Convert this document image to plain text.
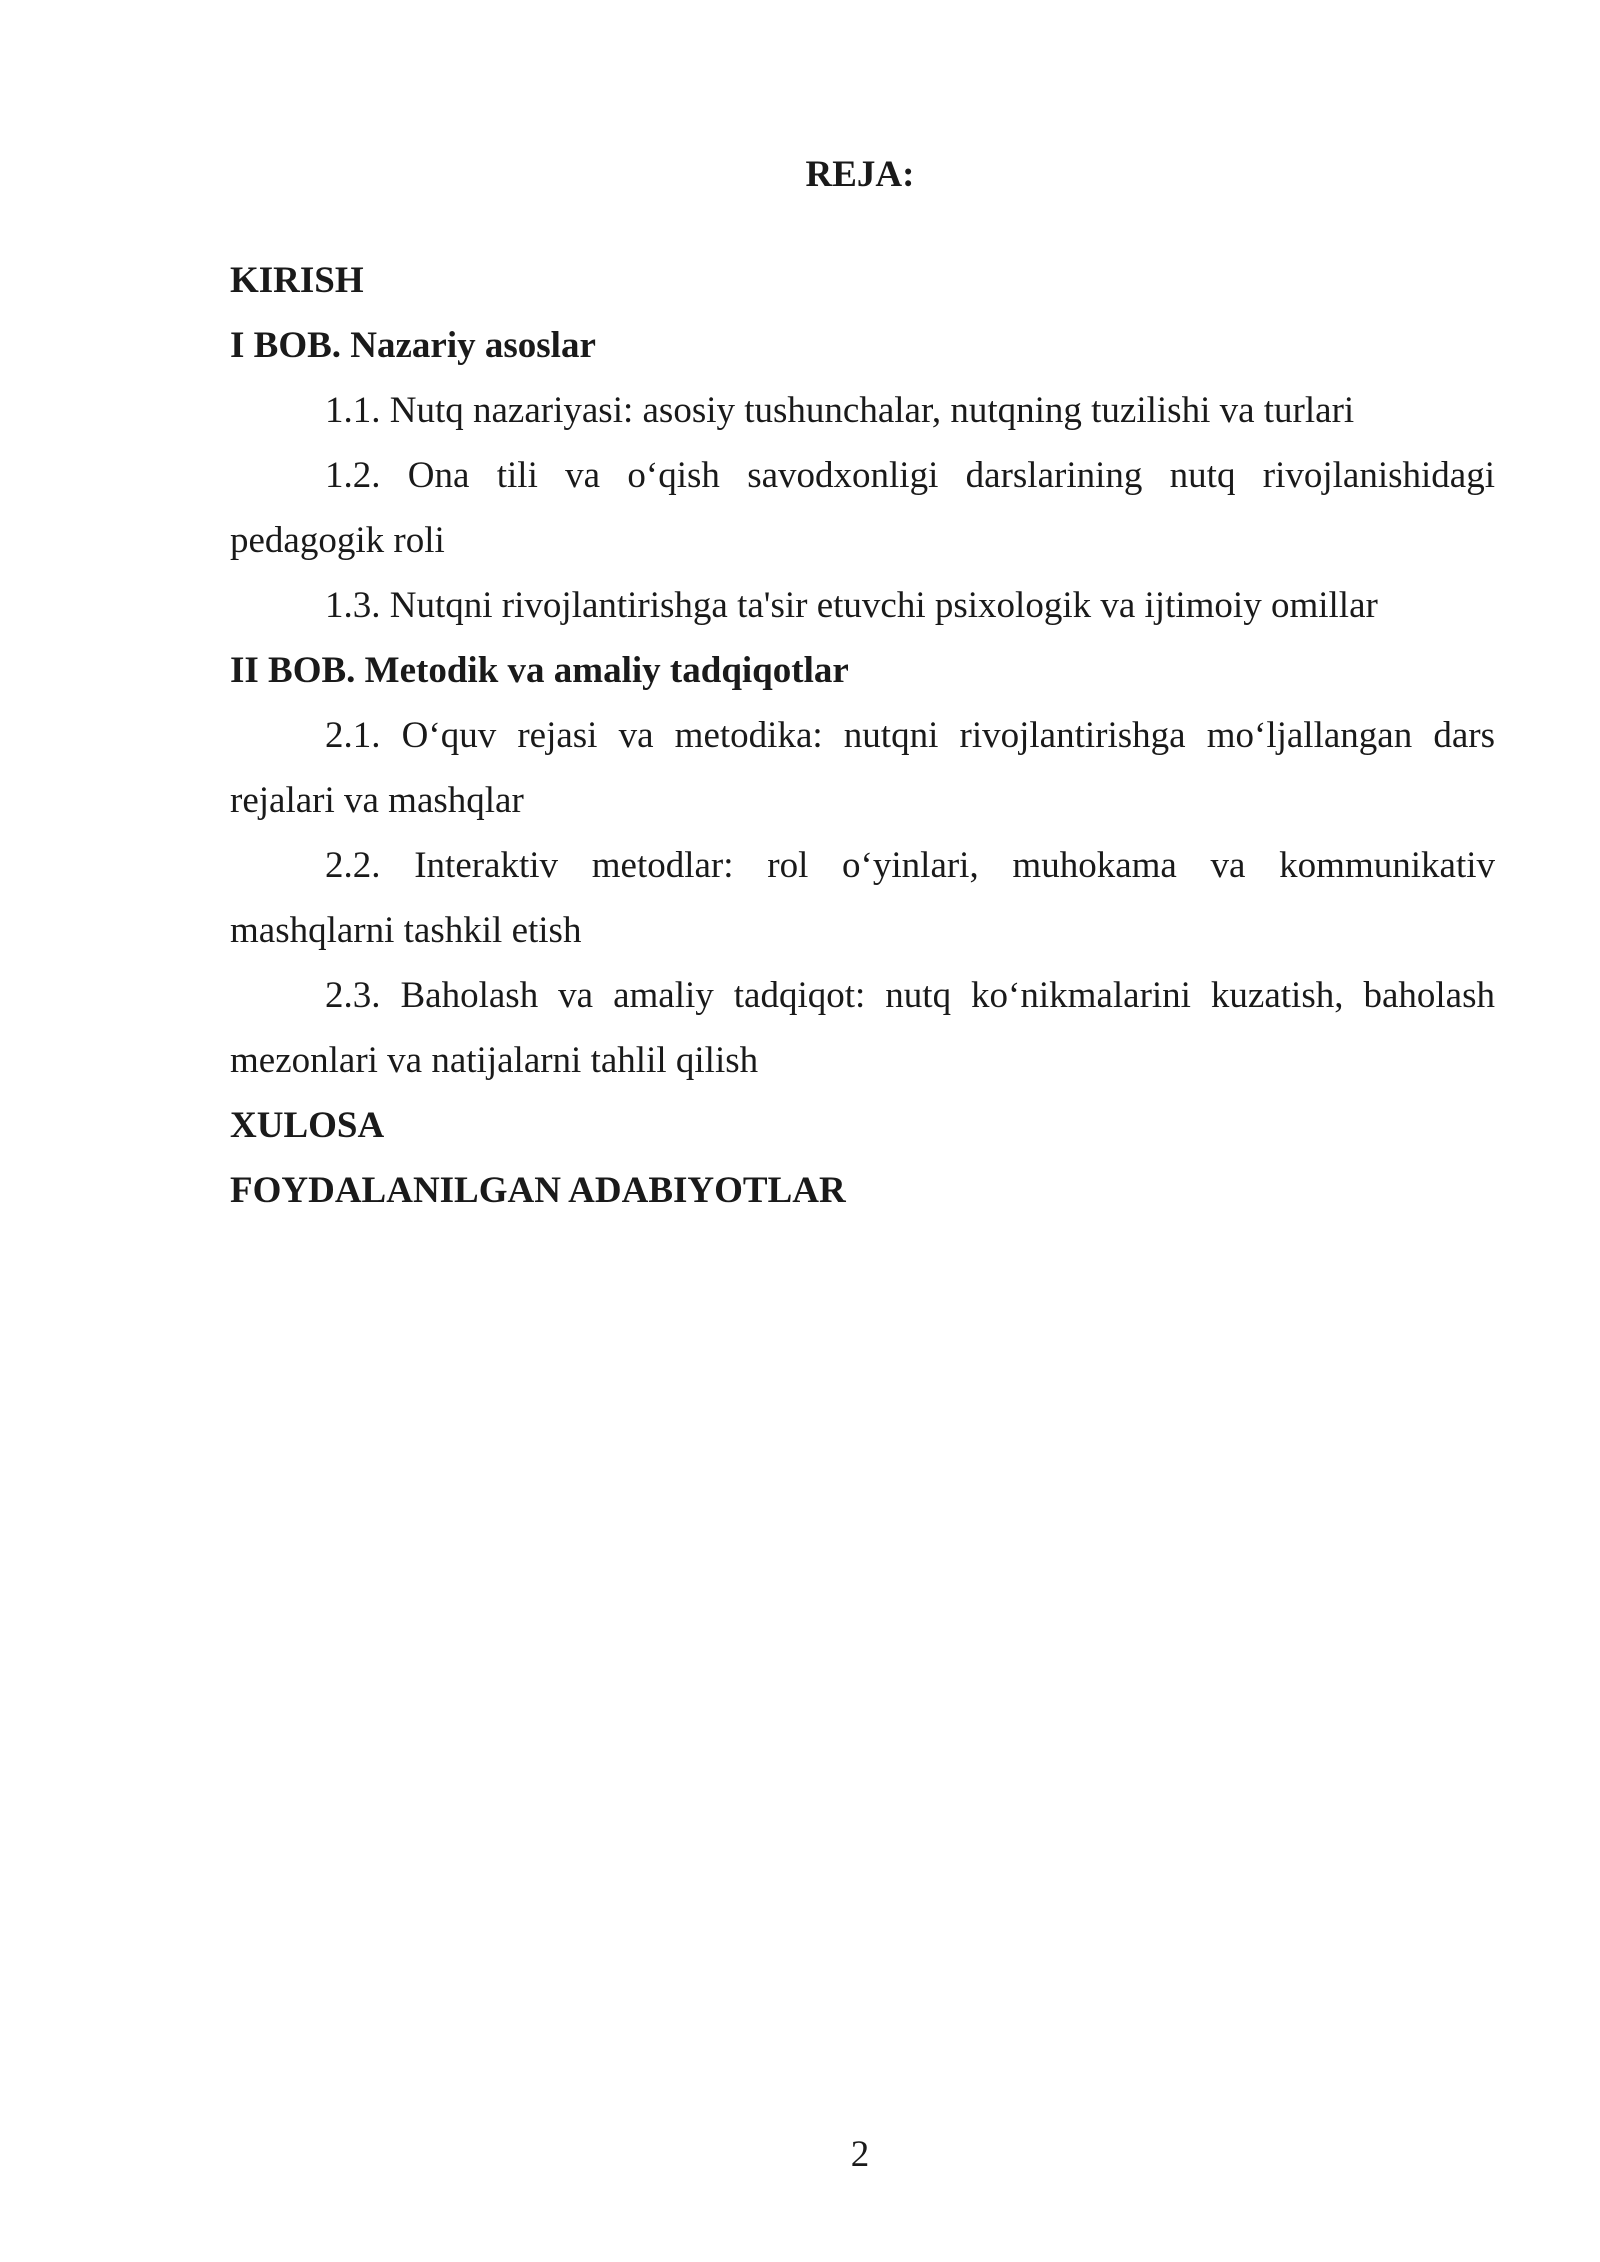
REJA:

KIRISH

I BOB. Nazariy asoslar

1.1. Nutq nazariyasi: asosiy tushunchalar, nutqning tuzilishi va turlari

1.2. Ona tili va o‘qish savodxonligi darslarining nutq rivojlanishidagi pedagogik roli

1.3. Nutqni rivojlantirishga ta'sir etuvchi psixologik va ijtimoiy omillar

II BOB. Metodik va amaliy tadqiqotlar

2.1. O‘quv rejasi va metodika: nutqni rivojlantirishga mo‘ljallangan dars rejalari va mashqlar

2.2. Interaktiv metodlar: rol o‘yinlari, muhokama va kommunikativ mashqlarni tashkil etish

2.3. Baholash va amaliy tadqiqot: nutq ko‘nikmalarini kuzatish, baholash mezonlari va natijalarni tahlil qilish

XULOSA

FOYDALANILGAN ADABIYOTLAR

2
